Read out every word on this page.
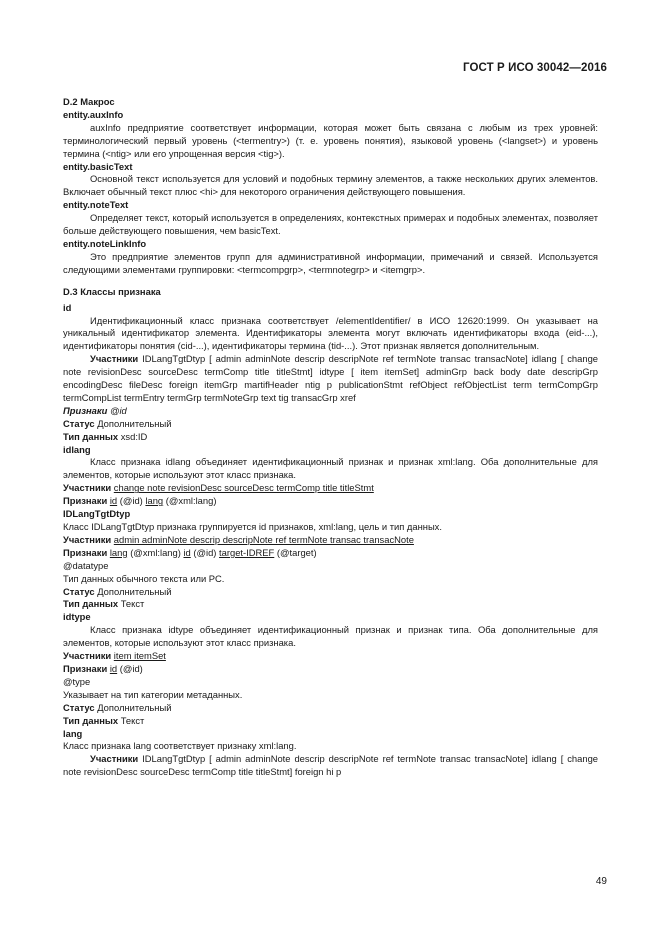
ГОСТ Р ИСО 30042—2016

D.2 Макрос

entity.auxInfo

auxInfo предприятие соответствует информации, которая может быть связана с любым из трех уровней: терминологический первый уровень (<termentry>) (т. е. уровень понятия), языковой уровень (<langset>) и уровень термина (<ntig> или его упрощенная версия <tig>).

entity.basicText

Основной текст используется для условий и подобных термину элементов, а также нескольких других элементов. Включает обычный текст плюс <hi> для некоторого ограничения действующего повышения.

entity.noteText

Определяет текст, который используется в определениях, контекстных примерах и подобных элементах, позволяет больше действующего повышения, чем basicText.

entity.noteLinkInfo

Это предприятие элементов групп для административной информации, примечаний и связей. Используется следующими элементами группировки: <termcompgrp>, <termnotegrp> и <itemgrp>.

D.3 Классы признака

id

Идентификационный класс признака соответствует /elementIdentifier/ в ИСО 12620:1999. Он указывает на уникальный идентификатор элемента. Идентификаторы элемента могут включать идентификаторы входа (eid-...), идентификаторы понятия (cid-...), идентификаторы термина (tid-...). Этот признак является дополнительным.

Участники IDLangTgtDtyp [ admin adminNote descrip descripNote ref termNote transac transacNote] idlang [ change note revisionDesc sourceDesc termComp title titleStmt] idtype [ item itemSet] adminGrp back body date descripGrp encodingDesc fileDesc foreign itemGrp martifHeader ntig p publicationStmt refObject refObjectList term termCompGrp termCompList termEntry termGrp termNoteGrp text tig transacGrp xref

Признаки @id

Статус Дополнительный

Тип данных xsd:ID

idlang

Класс признака idlang объединяет идентификационный признак и признак xml:lang. Оба дополнительные для элементов, которые используют этот класс признака.

Участники change note revisionDesc sourceDesc termComp title titleStmt

Признаки id (@id) lang (@xml:lang)

IDLangTgtDtyp

Класс IDLangTgtDtyp признака группируется id признаков, xml:lang, цель и тип данных.

Участники admin adminNote descrip descripNote ref termNote transac transacNote

Признаки lang (@xml:lang) id (@id) target-IDREF (@target)

@datatype

Тип данных обычного текста или PC.

Статус Дополнительный

Тип данных Текст

idtype

Класс признака idtype объединяет идентификационный признак и признак типа. Оба дополнительные для элементов, которые используют этот класс признака.

Участники item itemSet

Признаки id (@id)

@type

Указывает на тип категории метаданных.

Статус Дополнительный

Тип данных Текст

lang

Класс признака lang соответствует признаку xml:lang.

Участники IDLangTgtDtyp [ admin adminNote descrip descripNote ref termNote transac transacNote] idlang [ change note revisionDesc sourceDesc termComp title titleStmt] foreign hi p

49
